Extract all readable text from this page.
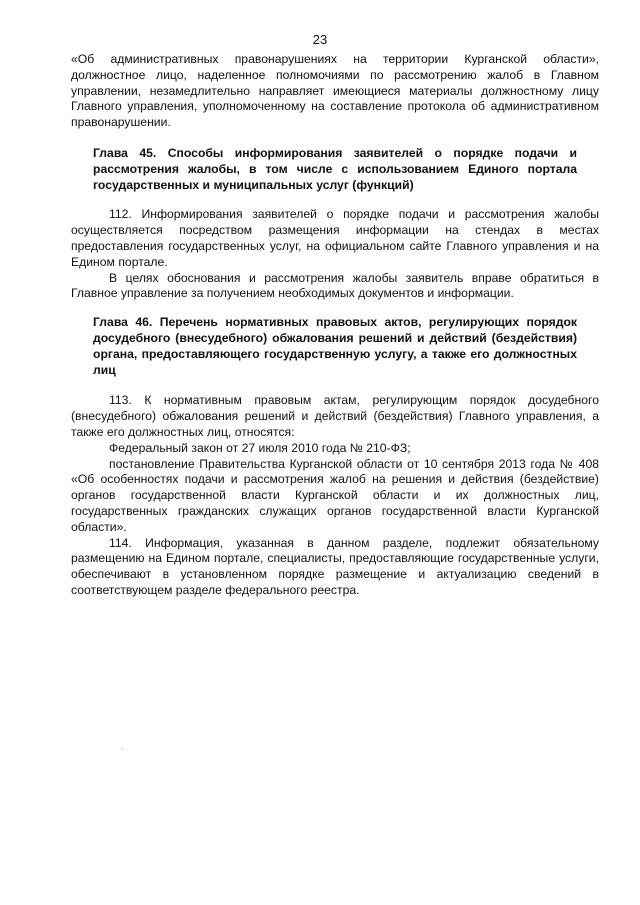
23

«Об административных правонарушениях на территории Курганской области», должностное лицо, наделенное полномочиями по рассмотрению жалоб в Главном управлении, незамедлительно направляет имеющиеся материалы должностному лицу Главного управления, уполномоченному на составление протокола об административном правонарушении.

Глава 45. Способы информирования заявителей о порядке подачи и рассмотрения жалобы, в том числе с использованием Единого портала государственных и муниципальных услуг (функций)

112. Информирования заявителей о порядке подачи и рассмотрения жалобы осуществляется посредством размещения информации на стендах в местах предоставления государственных услуг, на официальном сайте Главного управления и на Едином портале.

В целях обоснования и рассмотрения жалобы заявитель вправе обратиться в Главное управление за получением необходимых документов и информации.

Глава 46. Перечень нормативных правовых актов, регулирующих порядок досудебного (внесудебного) обжалования решений и действий (бездействия) органа, предоставляющего государственную услугу, а также его должностных лиц

113. К нормативным правовым актам, регулирующим порядок досудебного (внесудебного) обжалования решений и действий (бездействия) Главного управления, а также его должностных лиц, относятся:

Федеральный закон от 27 июля 2010 года № 210-ФЗ;

постановление Правительства Курганской области от 10 сентября 2013 года № 408 «Об особенностях подачи и рассмотрения жалоб на решения и действия (бездействие) органов государственной власти Курганской области и их должностных лиц, государственных гражданских служащих органов государственной власти Курганской области».

114. Информация, указанная в данном разделе, подлежит обязательному размещению на Едином портале, специалисты, предоставляющие государственные услуги, обеспечивают в установленном порядке размещение и актуализацию сведений в соответствующем разделе федерального реестра.

ˎ
